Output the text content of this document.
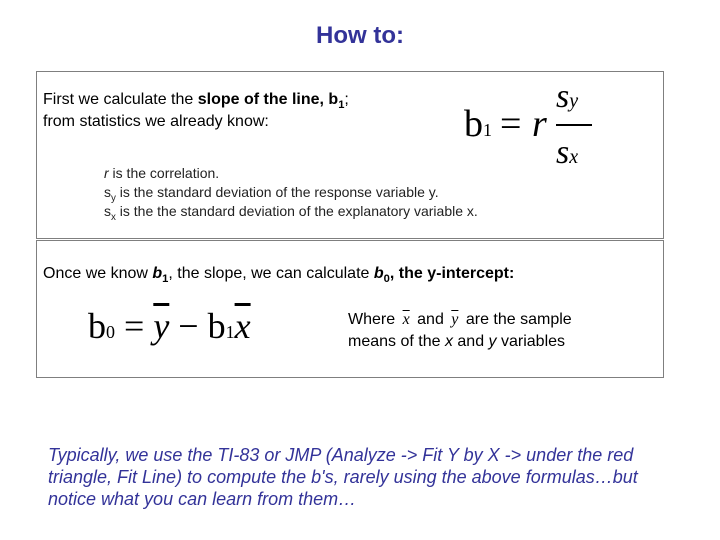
How to:
First we calculate the slope of the line, $b_1$;
from statistics we already know:	b1 = r
sy
sx
r is the correlation.
$s_y$ is the standard deviation of the response variable y.
$s_x$ is the the standard deviation of the explanatory variable x.
Once we know $b_1$, the slope, we can calculate $b_0$, the y-intercept:
$b0 = \overline{y} - b1\overline{x}$	Where $\overline{x}$ and $\overline{y}$ are the sample
means of the x and y variables
Typically, we use the TI-83 or JMP (Analyze -> Fit Y by X -> under the red triangle, Fit Line) to compute the b's, rarely using the above formulas…but notice what you can learn from them…
